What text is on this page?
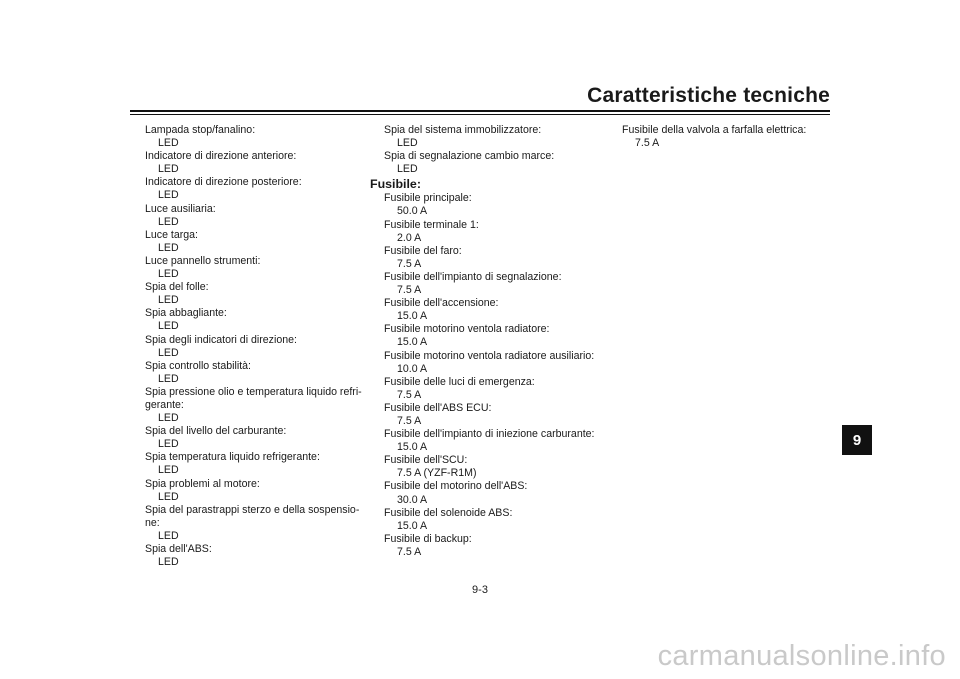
Caratteristiche tecniche

Lampada stop/fanalino:

LED

Indicatore di direzione anteriore:

LED

Indicatore di direzione posteriore:

LED

Luce ausiliaria:

LED

Luce targa:

LED

Luce pannello strumenti:

LED

Spia del folle:

LED

Spia abbagliante:

LED

Spia degli indicatori di direzione:

LED

Spia controllo stabilità:

LED

Spia pressione olio e temperatura liquido refri-

gerante:

LED

Spia del livello del carburante:

LED

Spia temperatura liquido refrigerante:

LED

Spia problemi al motore:

LED

Spia del parastrappi sterzo e della sospensio-

ne:

LED

Spia dell'ABS:

LED

Spia del sistema immobilizzatore:

LED

Spia di segnalazione cambio marce:

LED

Fusibile:

Fusibile principale:

50.0 A

Fusibile terminale 1:

2.0 A

Fusibile del faro:

7.5 A

Fusibile dell'impianto di segnalazione:

7.5 A

Fusibile dell'accensione:

15.0 A

Fusibile motorino ventola radiatore:

15.0 A

Fusibile motorino ventola radiatore ausiliario:

10.0 A

Fusibile delle luci di emergenza:

7.5 A

Fusibile dell'ABS ECU:

7.5 A

Fusibile dell'impianto di iniezione carburante:

15.0 A

Fusibile dell'SCU:

7.5 A (YZF-R1M)

Fusibile del motorino dell'ABS:

30.0 A

Fusibile del solenoide ABS:

15.0 A

Fusibile di backup:

7.5 A

Fusibile della valvola a farfalla elettrica:

7.5 A

9
9-3
carmanualsonline.info
